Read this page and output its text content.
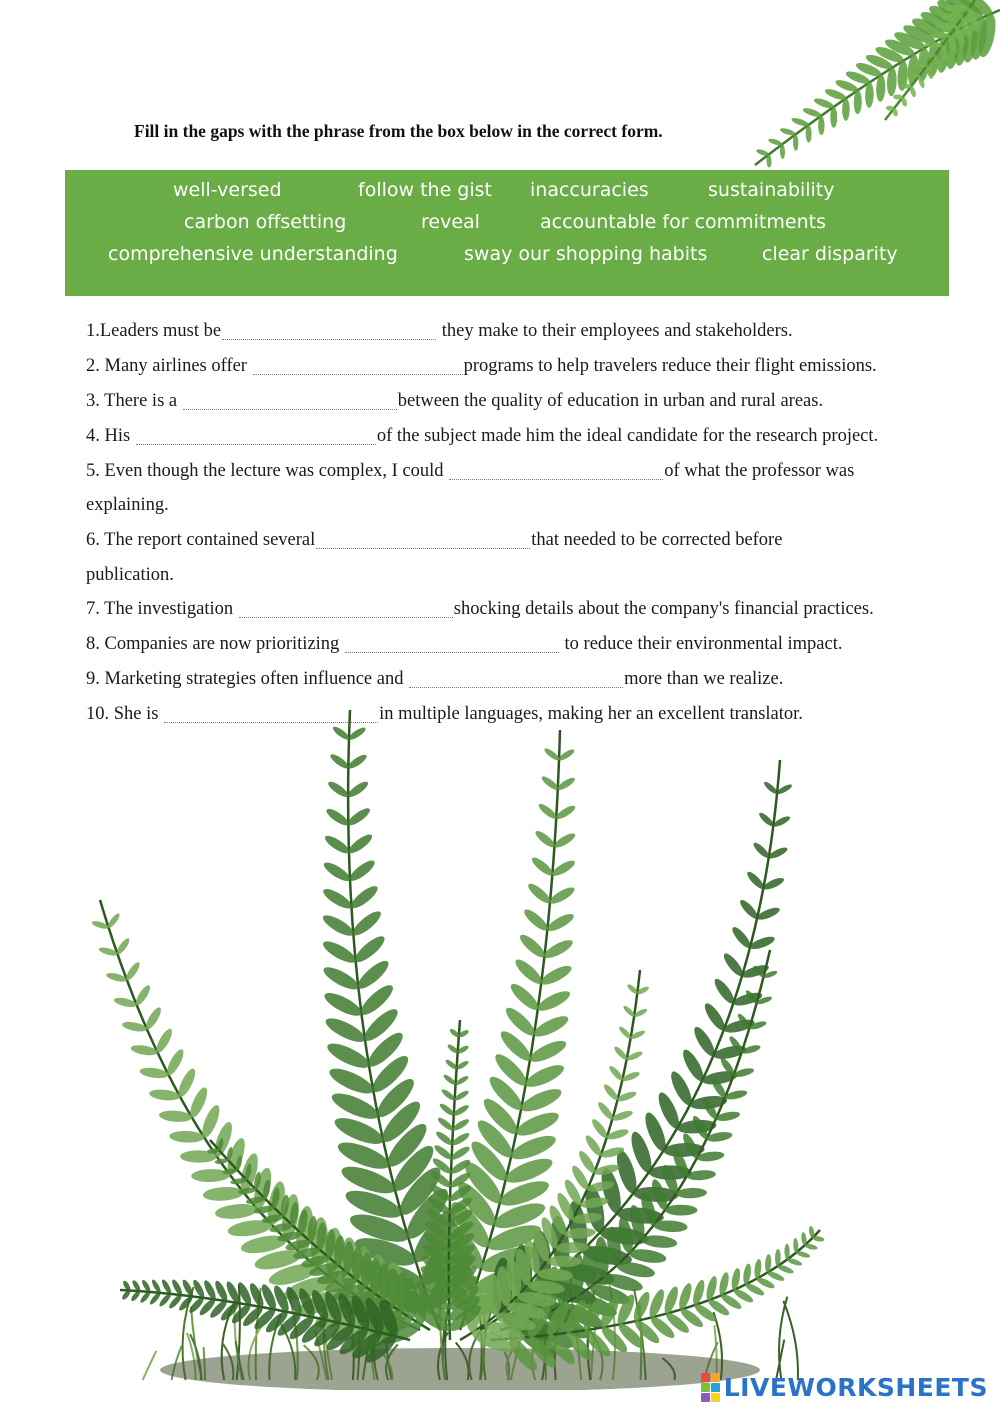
Fill in the gaps with the phrase from the box below in the correct form.
well-versed	follow the gist inaccuracies	sustainability
carbon offsetting	reveal	accountable for commitments
comprehensive understanding	sway our shopping habits	clear disparity
1.Leaders must be	they make to their employees and stakeholders.
2. Many airlines offer	programs to help travelers reduce their flight emissions.
3. There is a	between the quality of education in urban and rural areas.
4. His	of the subject made him the ideal candidate for the research project.
5. Even though the lecture was complex, I could	of what the professor was
explaining.
6. The report contained several	that needed to be corrected before
publication.
7. The investigation	shocking details about the company's financial practices.
8. Companies are now prioritizing	to reduce their environmental impact.
9. Marketing strategies often influence and	more than we realize.
10. She is	in multiple languages, making her an excellent translator.
LIVEWORKSHEETS
